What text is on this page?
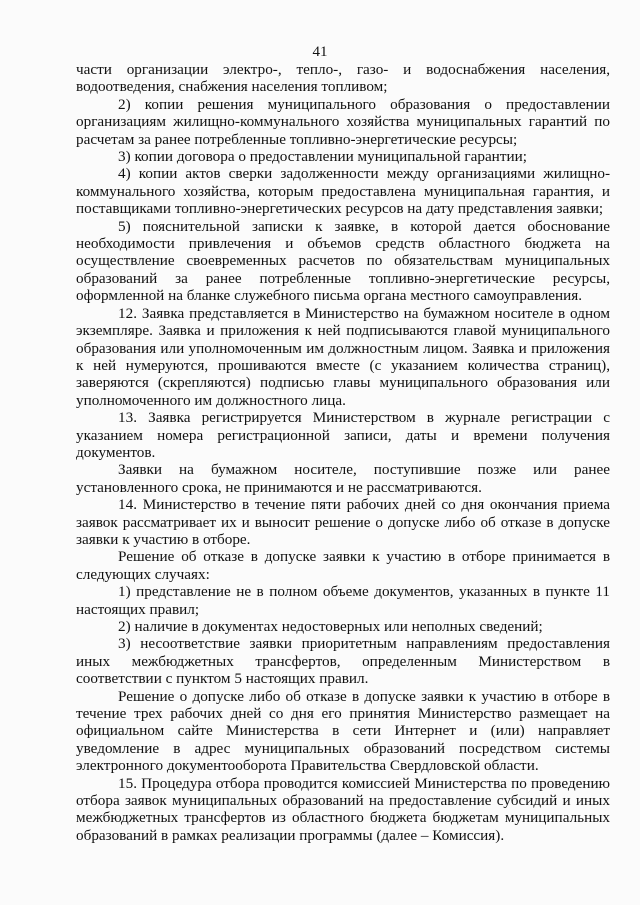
41

части организации электро-, тепло-, газо- и водоснабжения населения, водоотведения, снабжения населения топливом;

2) копии решения муниципального образования о предоставлении организациям жилищно-коммунального хозяйства муниципальных гарантий по расчетам за ранее потребленные топливно-энергетические ресурсы;

3) копии договора о предоставлении муниципальной гарантии;

4) копии актов сверки задолженности между организациями жилищно-коммунального хозяйства, которым предоставлена муниципальная гарантия, и поставщиками топливно-энергетических ресурсов на дату представления заявки;

5) пояснительной записки к заявке, в которой дается обоснование необходимости привлечения и объемов средств областного бюджета на осуществление своевременных расчетов по обязательствам муниципальных образований за ранее потребленные топливно-энергетические ресурсы, оформленной на бланке служебного письма органа местного самоуправления.

12. Заявка представляется в Министерство на бумажном носителе в одном экземпляре. Заявка и приложения к ней подписываются главой муниципального образования или уполномоченным им должностным лицом. Заявка и приложения к ней нумеруются, прошиваются вместе (с указанием количества страниц), заверяются (скрепляются) подписью главы муниципального образования или уполномоченного им должностного лица.

13. Заявка регистрируется Министерством в журнале регистрации с указанием номера регистрационной записи, даты и времени получения документов.

Заявки на бумажном носителе, поступившие позже или ранее установленного срока, не принимаются и не рассматриваются.

14. Министерство в течение пяти рабочих дней со дня окончания приема заявок рассматривает их и выносит решение о допуске либо об отказе в допуске заявки к участию в отборе.

Решение об отказе в допуске заявки к участию в отборе принимается в следующих случаях:

1) представление не в полном объеме документов, указанных в пункте 11 настоящих правил;

2) наличие в документах недостоверных или неполных сведений;

3) несоответствие заявки приоритетным направлениям предоставления иных межбюджетных трансфертов, определенным Министерством в соответствии с пунктом 5 настоящих правил.

Решение о допуске либо об отказе в допуске заявки к участию в отборе в течение трех рабочих дней со дня его принятия Министерство размещает на официальном сайте Министерства в сети Интернет и (или) направляет уведомление в адрес муниципальных образований посредством системы электронного документооборота Правительства Свердловской области.

15. Процедура отбора проводится комиссией Министерства по проведению отбора заявок муниципальных образований на предоставление субсидий и иных межбюджетных трансфертов из областного бюджета бюджетам муниципальных образований в рамках реализации программы (далее – Комиссия).
